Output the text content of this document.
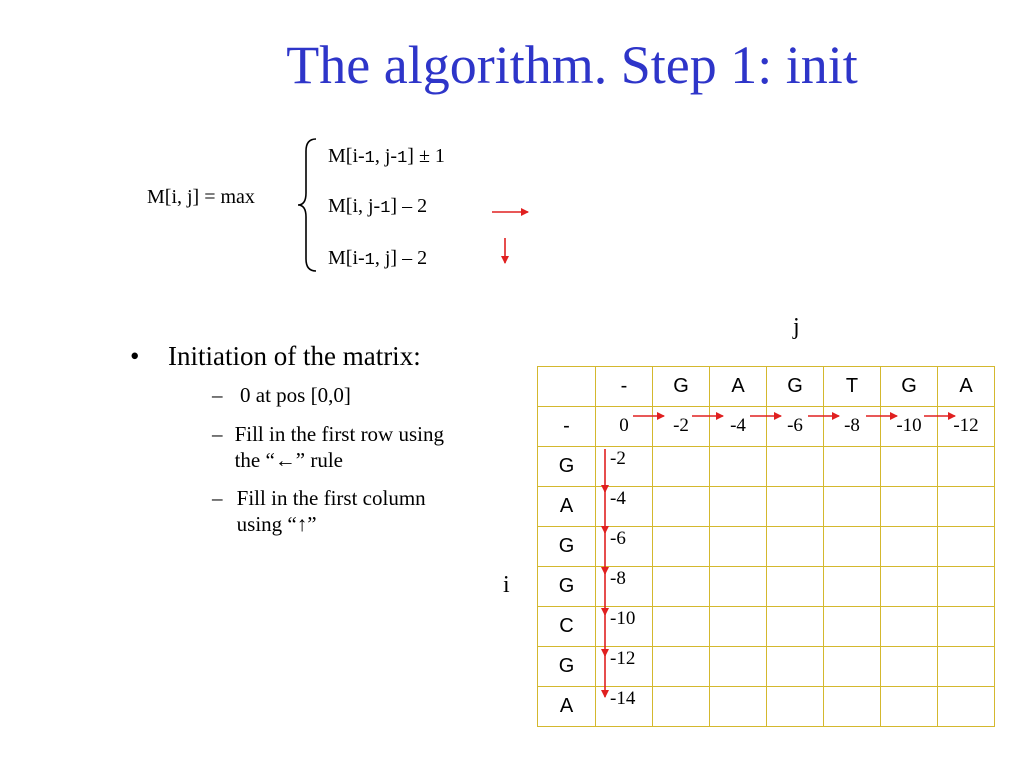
The algorithm. Step 1: init
M[i, j] = max
M[i-1, j-1] ± 1
M[i, j-1] – 2
M[i-1, j] – 2
•	Initiation of the matrix:
– 0 at pos [0,0]
– Fill in the first row using the “←” rule
– Fill in the first column using “↑”
j
i
	-	G	A	G	T	G	A
-	0	-2	-4	-6	-8	-10	-12
G	-2						
A	-4						
G	-6						
G	-8						
C	-10						
G	-12						
A	-14						
